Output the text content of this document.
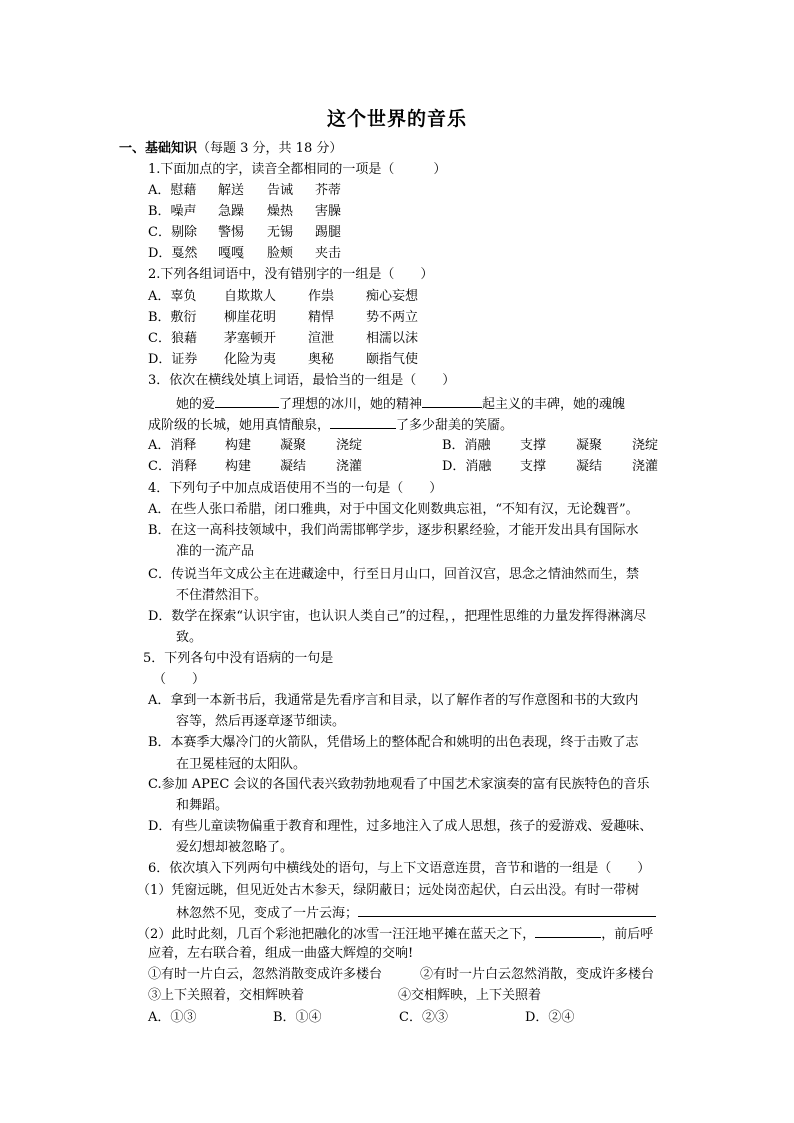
这个世界的音乐
一、基础知识（每题 3 分，共 18 分）
1.下面加点的字，读音全都相同的一项是（　　　）
A．慰藉 解送 告诫 芥蒂
B．噪声 急躁 燥热 害臊
C．剔除 警惕 无锡 踢腿
D．戛然 嘎嘎 脸颊 夹击
2.下列各组词语中，没有错别字的一组是（　　）
A．辜负 自欺欺人 作祟 痴心妄想
B．敷衍 柳崖花明 精悍 势不两立
C．狼藉 茅塞顿开 渲泄 相濡以沫
D．证券 化险为夷 奥秘 颐指气使
3．依次在横线处填上词语，最恰当的一组是（　　）
她的爱	了理想的冰川，她的精神	起主义的丰碑，她的魂魄
成阶级的长城，她用真情酿泉，	了多少甜美的笑靥。
A．消释 构建 凝聚 浇绽	B．消融 支撑 凝聚 浇绽
C．消释 构建 凝结 浇灌	D．消融 支撑 凝结 浇灌
4．下列句子中加点成语使用不当的一句是（　　）
A．在些人张口希腊，闭口雅典，对于中国文化则数典忘祖，“不知有汉，无论魏晋”。
B．在这一高科技领域中，我们尚需邯郸学步，逐步积累经验，才能开发出具有国际水
准的一流产品
C．传说当年文成公主在进藏途中，行至日月山口，回首汉宫，思念之情油然而生，禁
不住潸然泪下。
D．数学在探索“认识宇宙，也认识人类自己”的过程，，把理性思维的力量发挥得淋漓尽
致。
5．下列各句中没有语病的一句是
（　　）
A．拿到一本新书后，我通常是先看序言和目录，以了解作者的写作意图和书的大致内
容等，然后再逐章逐节细读。
B．本赛季大爆冷门的火箭队，凭借场上的整体配合和姚明的出色表现，终于击败了志
在卫冕桂冠的太阳队。
C.参加 APEC 会议的各国代表兴致勃勃地观看了中国艺术家演奏的富有民族特色的音乐
和舞蹈。
D．有些儿童读物偏重于教育和理性，过多地注入了成人思想，孩子的爱游戏、爱趣味、
爱幻想却被忽略了。
6．依次填入下列两句中横线处的语句，与上下文语意连贯，音节和谐的一组是（　　）
（1）凭窗远眺，但见近处古木参天，绿阴蔽日；远处岗峦起伏，白云出没。有时一带树
林忽然不见，变成了一片云海；
（2）此时此刻，几百个彩池把融化的冰雪一汪汪地平摊在蓝天之下，	，前后呼
应着，左右联合着，组成一曲盛大辉煌的交响!
①有时一片白云，忽然消散变成许多楼台	②有时一片白云忽然消散，变成许多楼台
③上下关照着，交相辉映着	④交相辉映，上下关照着
A．①③	B．①④	C．②③	D．②④
